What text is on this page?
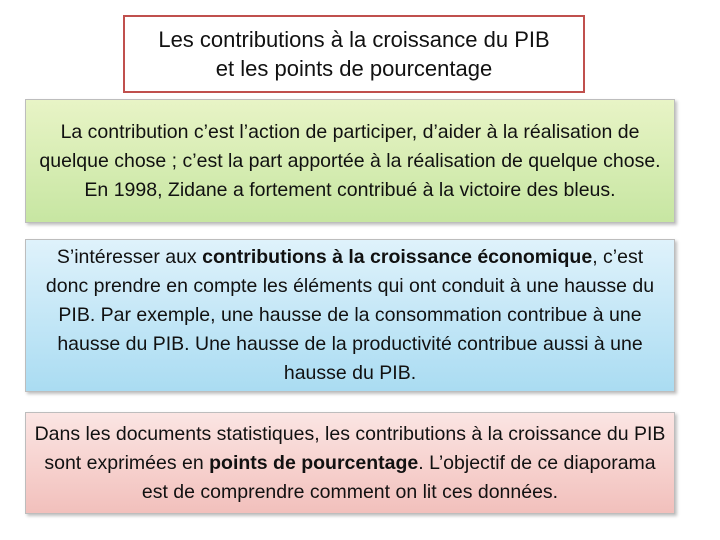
Les contributions à la croissance du PIB
et les points de pourcentage

La contribution c’est l’action de participer, d’aider à la réalisation de quelque chose ; c’est la part apportée à la réalisation de quelque chose. En 1998, Zidane a fortement contribué à la victoire des bleus.

S’intéresser aux contributions à la croissance économique, c’est donc prendre en compte les éléments qui ont conduit à une hausse du PIB. Par exemple, une hausse de la consommation contribue à une hausse du PIB. Une hausse de la productivité contribue aussi à une hausse du PIB.

Dans les documents statistiques, les contributions à la croissance du PIB sont exprimées en points de pourcentage. L’objectif de ce diaporama est de comprendre comment on lit ces données.
